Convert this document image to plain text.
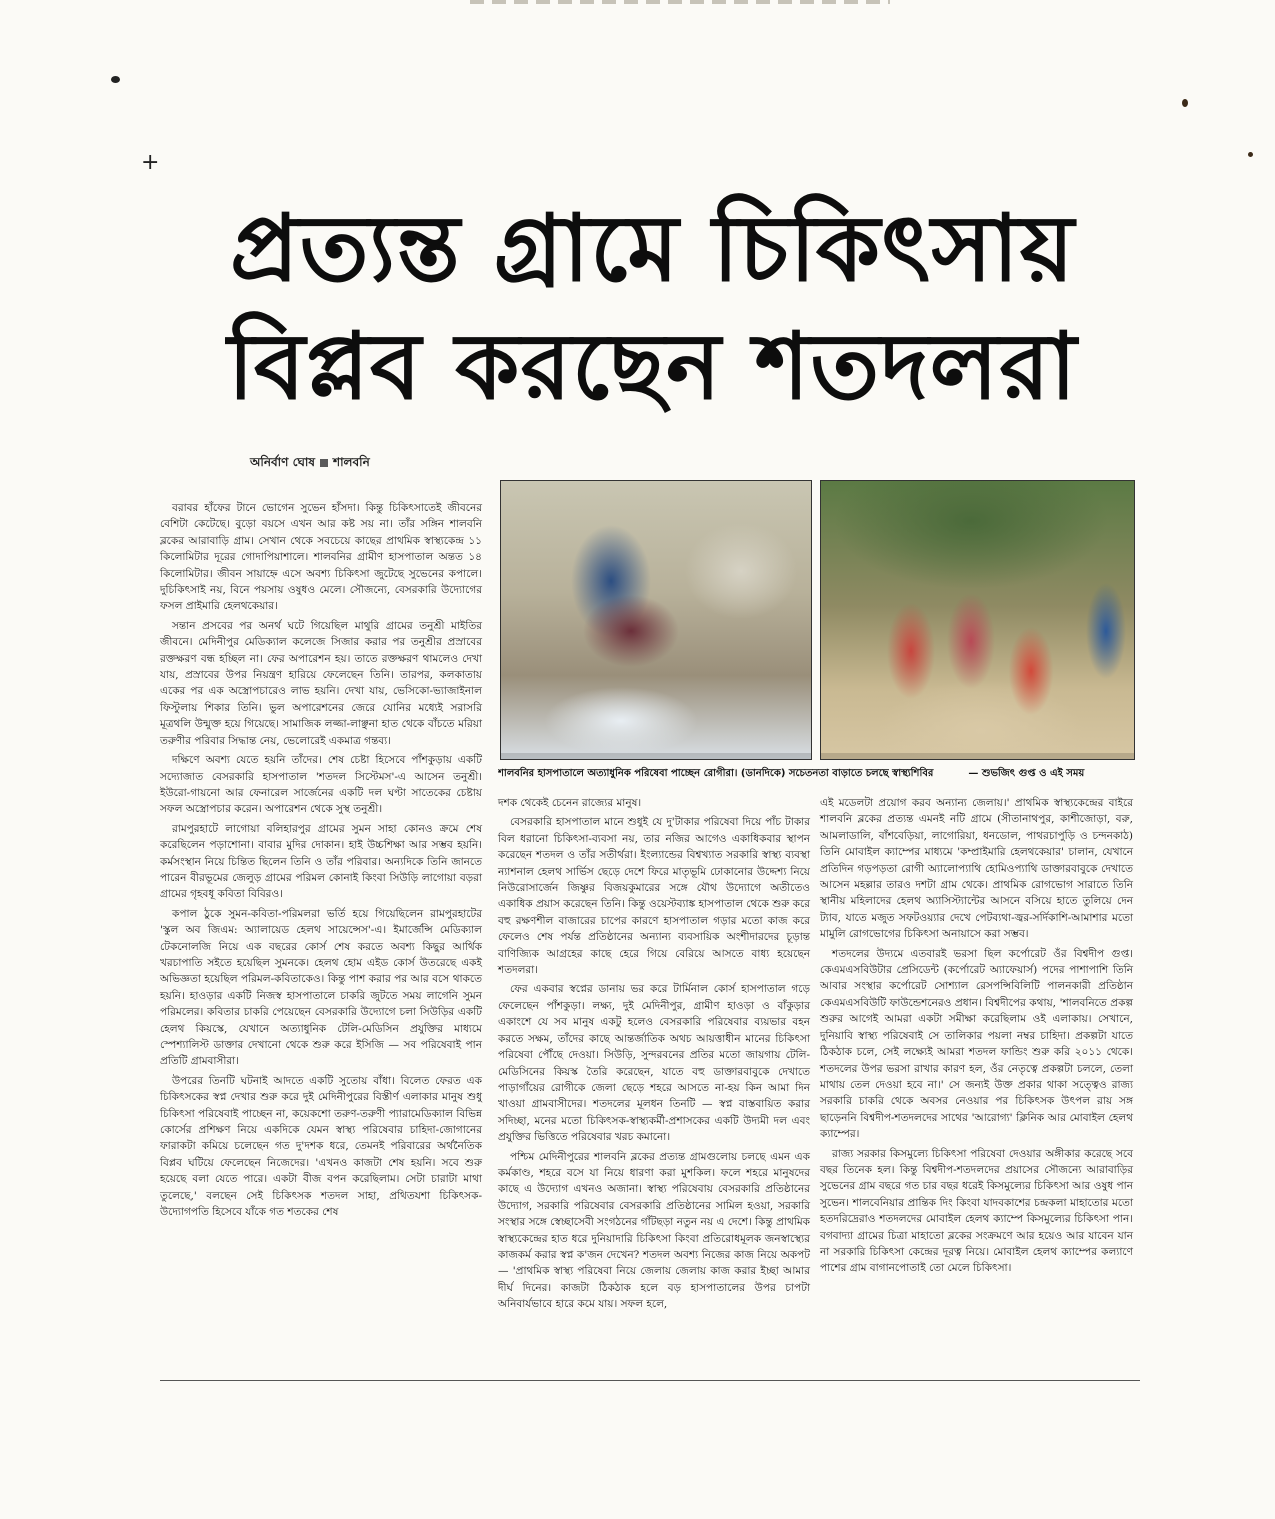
+
প্রত্যন্ত গ্রামে চিকিৎসায়
বিপ্লব করছেন শতদলরা
অনির্বাণ ঘোষ শালবনি
শালবনির হাসপাতালে অত্যাধুনিক পরিষেবা পাচ্ছেন রোগীরা। (ডানদিকে) সচেতনতা বাড়াতে চলছে স্বাস্থ্যশিবির	— শুভজিৎ গুপ্ত ও এই সময়

বরাবর হাঁফের টানে ভোগেন সুভেন হাঁসদা। কিন্তু চিকিৎসাতেই জীবনের বেশিটা কেটেছে। বুড়ো বয়সে এখন আর কষ্ট সয় না। তাঁর সঙ্গিন শালবনি ব্লকের আরাবাড়ি গ্রাম। সেখান থেকে সবচেয়ে কাছের প্রাথমিক স্বাস্থ্যকেন্দ্র ১১ কিলোমিটার দূরের গোদাপিয়াশালে। শালবনির গ্রামীণ হাসপাতাল অন্তত ১৪ কিলোমিটার। জীবন সায়াহ্নে এসে অবশ্য চিকিৎসা জুটেছে সুভেনের কপালে। দুচিকিৎসাই নয়, বিনে পয়সায় ওষুধও মেলে। সৌজন্যে, বেসরকারি উদ্যোগের ফসল প্রাইমারি হেলথকেয়ার।

সন্তান প্রসবের পর অনর্থ ঘটে গিয়েছিল মাথুরি গ্রামের তনুশ্রী মাইতির জীবনে। মেদিনীপুর মেডিক্যাল কলেজে সিজার করার পর তনুশ্রীর প্রস্রাবের রক্তক্ষরণ বন্ধ হচ্ছিল না। ফের অপারেশন হয়। তাতে রক্তক্ষরণ থামলেও দেখা যায়, প্রস্রাবের উপর নিয়ন্ত্রণ হারিয়ে ফেলেছেন তিনি। তারপর, কলকাতায় একের পর এক অস্ত্রোপচারেও লাভ হয়নি। দেখা যায়, ভেসিকো-ভ্যাজাইনাল ফিস্টুলায় শিকার তিনি। ভুল অপারেশনের জেরে যোনির মধ্যেই সরাসরি মূত্রথলি উন্মুক্ত হয়ে গিয়েছে। সামাজিক লজ্জা-লাঞ্ছনা হাত থেকে বাঁচতে মরিয়া তরুণীর পরিবার সিদ্ধান্ত নেয়, ভেলোরেই একমাত্র গন্তব্য।

দক্ষিণে অবশ্য যেতে হয়নি তাঁদের। শেষ চেষ্টা হিসেবে পাঁশকুড়ায় একটি সদ্যোজাত বেসরকারি হাসপাতাল 'শতদল সিস্টেমস'-এ আসেন তনুশ্রী। ইউরো-গায়নো আর ফেনারেল সার্জেনের একটি দল ঘণ্টা সাতেকের চেষ্টায় সফল অস্ত্রোপচার করেন। অপারেশন থেকে সুস্থ তনুশ্রী।

রামপুরহাটে লাগোয়া বলিহারপুর গ্রামের সুমন সাহা কোনও ক্রমে শেষ করেছিলেন পড়াশোনা। বাবার মুদির দোকান। হাই উচ্চশিক্ষা আর সম্ভব হয়নি। কর্মসংস্থান নিয়ে চিন্তিত ছিলেন তিনি ও তাঁর পরিবার। অন্যদিকে তিনি জানতে পারেন বীরভূমের জেলুড় গ্রামের পরিমল কোনাই কিংবা সিউড়ি লাগোয়া বড়রা গ্রামের গৃহবধূ কবিতা বিবিরও।

কপাল ঠুকে সুমন-কবিতা-পরিমলরা ভর্তি হয়ে গিয়েছিলেন রামপুরহাটের 'স্কুল অব জিএম: অ্যালায়েড হেলথ সায়েন্সেস'-এ। ইমার্জেন্সি মেডিক্যাল টেকনোলজি নিয়ে এক বছরের কোর্স শেষ করতে অবশ্য কিছুর আর্থিক খরচাপাতি সইতে হয়েছিল সুমনকে। হেলথ হোম এইড কোর্স উতরেছে একই অভিজ্ঞতা হয়েছিল পরিমল-কবিতাকেও। কিন্তু পাশ করার পর আর বসে থাকতে হয়নি। হাওড়ার একটি নিজস্ব হাসপাতালে চাকরি জুটতে সময় লাগেনি সুমন পরিমলের। কবিতার চাকরি পেয়েছেন বেসরকারি উদ্যোগে চলা সিউড়ির একটি হেলথ কিয়স্কে, যেখানে অত্যাধুনিক টেলি-মেডিসিন প্রযুক্তির মাধ্যমে স্পেশ্যালিস্ট ডাক্তার দেখানো থেকে শুরু করে ইসিজি — সব পরিষেবাই পান প্রতিটি গ্রামবাসীরা।

উপরের তিনটি ঘটনাই আদতে একটি সুতোয় বাঁধা। বিলেত ফেরত এক চিকিৎসকের স্বপ্ন দেখার শুরু করে দুই মেদিনীপুরের বিস্তীর্ণ এলাকার মানুষ শুধু চিকিৎসা পরিষেবাই পাচ্ছেন না, কয়েকশো তরুণ-তরুণী প্যারামেডিক্যাল বিভিন্ন কোর্সের প্রশিক্ষণ নিয়ে একদিকে যেমন স্বাস্থ্য পরিষেবার চাহিদা-জোগানের ফারাকটা কমিয়ে চলেছেন গত দু'দশক ধরে, তেমনই পরিবারের অর্থনৈতিক বিপ্লব ঘটিয়ে ফেলেছেন নিজেদের। 'এখনও কাজটা শেষ হয়নি। সবে শুরু হয়েছে বলা যেতে পারে। একটা বীজ বপন করেছিলাম। সেটা চারাটা মাথা তুলেছে,' বলছেন সেই চিকিৎসক শতদল সাহা, প্রথিতযশা চিকিৎসক-উদ্যোগপতি হিসেবে যাঁকে গত শতকের শেষ

দশক থেকেই চেনেন রাজ্যের মানুষ।

বেসরকারি হাসপাতাল মানে শুধুই যে দু'টাকার পরিষেবা দিয়ে পাঁচ টাকার বিল ধরানো চিকিৎসা-ব্যবসা নয়, তার নজির আগেও একাধিকবার স্থাপন করেছেন শতদল ও তাঁর সতীর্থরা। ইংল্যান্ডের বিশ্বখ্যাত সরকারি স্বাস্থ্য ব্যবস্থা ন্যাশনাল হেলথ সার্ভিস ছেড়ে দেশে ফিরে মাতৃভূমি ঢোকানোর উদ্দেশ্য নিয়ে নিউরোসার্জেন জিষ্ণুর বিজয়কুমারের সঙ্গে যৌথ উদ্যোগে অতীতেও একাধিক প্রয়াস করেছেন তিনি। কিন্তু ওয়েস্টব্যাঙ্ক হাসপাতাল থেকে শুরু করে বহু রক্ষণশীল বাজারের চাপের কারণে হাসপাতাল গড়ার মতো কাজ করে ফেলেও শেষ পর্যন্ত প্রতিষ্ঠানের অন্যান্য ব্যবসায়িক অংশীদারদের চূড়ান্ত বাণিজ্যিক আগ্রহের কাছে হেরে গিয়ে বেরিয়ে আসতে বাধ্য হয়েছেন শতদলরা।

ফের একবার স্বপ্নের ডানায় ভর করে টার্মিনাল কোর্স হাসপাতাল গড়ে ফেলেছেন পাঁশকুড়া। লক্ষ্য, দুই মেদিনীপুর, গ্রামীণ হাওড়া ও বাঁকুড়ার একাংশে যে সব মানুষ একটু হলেও বেসরকারি পরিষেবার ব্যয়ভার বহন করতে সক্ষম, তাঁদের কাছে আন্তর্জাতিক অথচ আয়ত্তাধীন মানের চিকিৎসা পরিষেবা পৌঁছে দেওয়া। সিউড়ি, সুন্দরবনের প্রতির মতো জায়গায় টেলি-মেডিসিনের কিয়স্ক তৈরি করেছেন, যাতে বহু ডাক্তারবাবুকে দেখাতে পাড়াগাঁয়ের রোগীকে জেলা ছেড়ে শহরে আসতে না-হয় কিন আমা দিন খাওয়া গ্রামবাসীদের। শতদলের মূলধন তিনটি — স্বপ্ন বাস্তবায়িত করার সদিচ্ছা, মনের মতো চিকিৎসক-স্বাস্থ্যকর্মী-প্রশাসকের একটি উদ্যমী দল এবং প্রযুক্তির ভিত্তিতে পরিষেবার খরচ কমানো।

পশ্চিম মেদিনীপুরের শালবনি ব্লকের প্রত্যন্ত গ্রামগুলোয় চলছে এমন এক কর্মকাণ্ড, শহরে বসে যা নিয়ে ধারণা করা মুশকিল। ফলে শহরে মানুষদের কাছে এ উদ্যোগ এখনও অজানা। স্বাস্থ্য পরিষেবায় বেসরকারি প্রতিষ্ঠানের উদ্যোগ, সরকারি পরিষেবার বেসরকারি প্রতিষ্ঠানের সামিল হওয়া, সরকারি সংস্থার সঙ্গে স্বেচ্ছাসেবী সংগঠনের গাঁটছড়া নতুন নয় এ দেশে। কিন্তু প্রাথমিক স্বাস্থ্যকেন্দ্রের হাত ধরে দুনিয়াদারি চিকিৎসা কিংবা প্রতিরোধমূলক জনস্বাস্থ্যের কাজকর্ম করার স্বপ্ন ক'জন দেখেন? শতদল অবশ্য নিজের কাজ নিয়ে অকপট — 'প্রাথমিক স্বাস্থ্য পরিষেবা নিয়ে জেলায় জেলায় কাজ করার ইচ্ছা আমার দীর্ঘ দিনের। কাজটা ঠিকঠাক হলে বড় হাসপাতালের উপর চাপটা অনিবার্যভাবে হারে কমে যায়। সফল হলে,

এই মডেলটা প্রয়োগ করব অন্যান্য জেলায়।' প্রাথমিক স্বাস্থ্যকেন্দ্রের বাইরে শালবনি ব্লকের প্রত্যন্ত এমনই নটি গ্রামে (সীতানাথপুর, কাশীজোড়া, বরু, আমলাডালি, বাঁশবেড়িয়া, লাগোরিয়া, ধনডোল, পাথরচাপুড়ি ও চন্দনকাঠ) তিনি মোবাইল ক্যাম্পের মাধ্যমে 'কম্প্রাইমারি হেলথকেয়ার' চালান, যেখানে প্রতিদিন গড়পড়তা রোগী অ্যালোপ্যাথি হোমিওপ্যাথি ডাক্তারবাবুকে দেখাতে আসেন মহল্লার তারও দশটা গ্রাম থেকে। প্রাথমিক রোগভোগ সারাতে তিনি স্থানীয় মহিলাদের হেলথ অ্যাসিস্ট্যান্টের আসনে বসিয়ে হাতে তুলিয়ে দেন ট্যাব, যাতে মজুত সফটওয়্যার দেখে পেটব্যথা-জ্বর-সর্দিকাশি-আমাশার মতো মামুলি রোগভোগের চিকিৎসা অনায়াসে করা সম্ভব।

শতদলের উদ্যমে এতবারই ভরসা ছিল কর্পোরেট ওঁর বিশ্বদীপ গুপ্ত। কেএমএসবিউটার প্রেসিডেন্ট (কর্পোরেট অ্যাফেয়ার্স) পদের পাশাপাশি তিনি আবার সংস্থার কর্পোরেট সোশ্যাল রেসপন্সিবিলিটি পালনকারী প্রতিষ্ঠান কেএমএসবিউটি ফাউন্ডেশনেরও প্রধান। বিশ্বদীপের কথায়, 'শালবনিতে প্রকল্প শুরুর আগেই আমরা একটা সমীক্ষা করেছিলাম ওই এলাকায়। সেখানে, দুনিয়াবি স্বাস্থ্য পরিষেবাই সে তালিকার পয়লা নম্বর চাহিদা। প্রকল্পটা যাতে ঠিকঠাক চলে, সেই লক্ষ্যেই আমরা শতদল ফান্ডিং শুরু করি ২০১১ থেকে। শতদলের উপর ভরসা রাখার কারণ হল, ওঁর নেতৃত্বে প্রকল্পটা চললে, তেলা মাথায় তেল দেওয়া হবে না।' সে জন্যই উক্ত প্রকার থাকা সত্ত্বেও রাজ্য সরকারি চাকরি থেকে অবসর নেওয়ার পর চিকিৎসক উৎপল রায় সঙ্গ ছাড়েননি বিশ্বদীপ-শতদলদের সাথের 'আরোগ্য' ক্লিনিক আর মোবাইল হেলথ ক্যাম্পের।

রাজ্য সরকার কিসমুল্যে চিকিৎসা পরিষেবা দেওয়ার অঙ্গীকার করেছে সবে বছর তিনেক হল। কিন্তু বিশ্বদীপ-শতদলদের প্রয়াসের সৌজন্যে আরাবাড়ির সুভেনের গ্রাম বছরে গত চার বছর ধরেই কিসমুল্যের চিকিৎসা আর ওষুধ পান সুভেন। শালবেনিয়ার প্রান্তিক দিং কিংবা যাদবকাশের চন্দ্রকলা মাহাতোর মতো হতদরিদ্রেরাও শতদলদের মোবাইল হেলথ ক্যাম্পে কিসমুল্যের চিকিৎসা পান। বগবাদ্যা গ্রামের চিত্রা মাহাতো ব্লকের সংক্রমণে আর হয়েও আর যাবেন যান না সরকারি চিকিৎসা কেন্দ্রের দূরত্ব নিয়ে। মোবাইল হেলথ ক্যাম্পের কল্যাণে পাশের গ্রাম বাগানপোতাই তো মেলে চিকিৎসা।
